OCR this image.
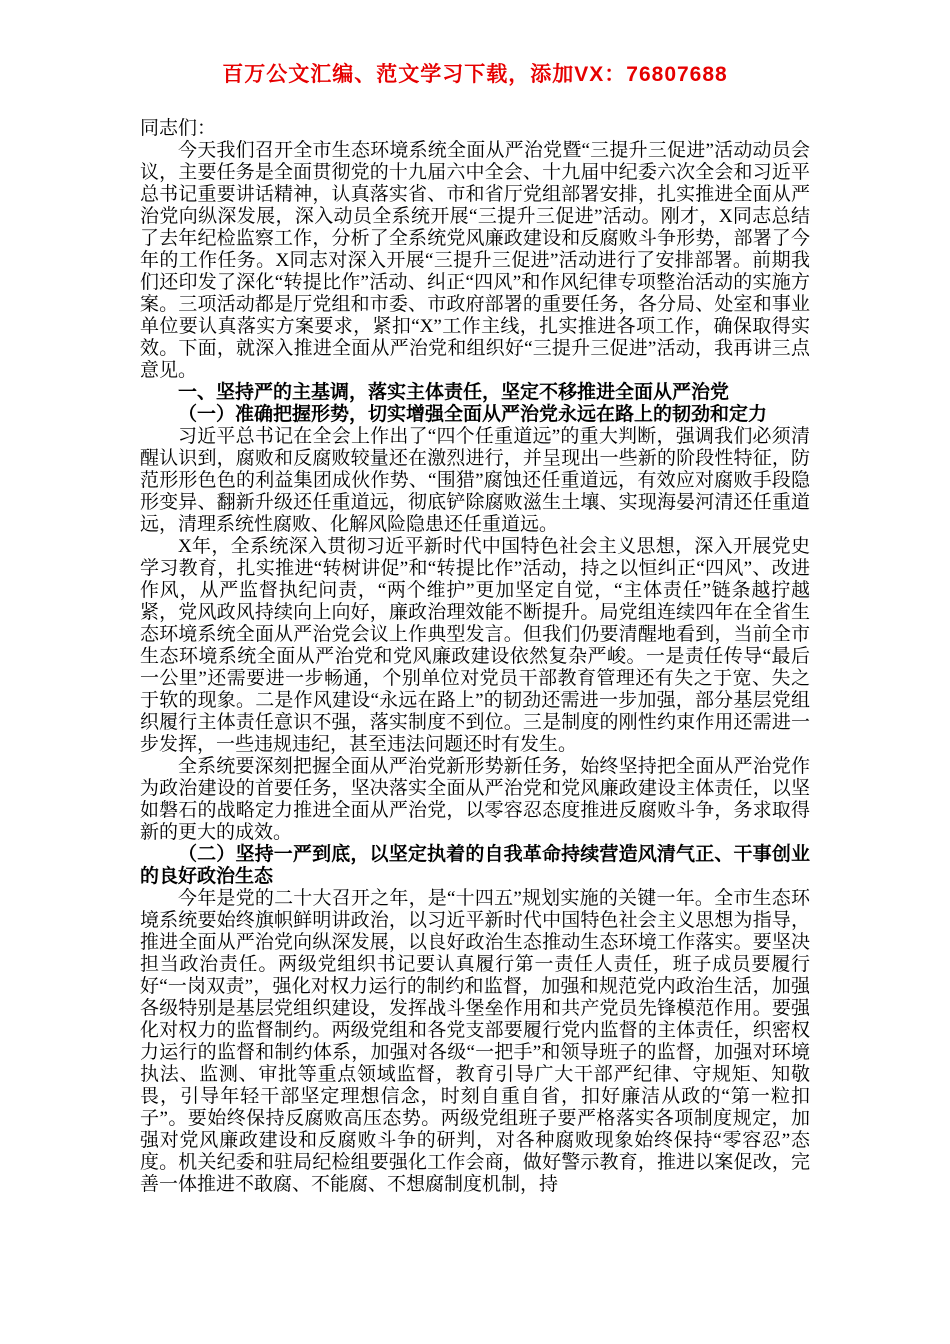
百万公文汇编、范文学习下载，添加VX：76807688

同志们：

今天我们召开全市生态环境系统全面从严治党暨“三提升三促进”活动动员会议，主要任务是全面贯彻党的十九届六中全会、十九届中纪委六次全会和习近平总书记重要讲话精神，认真落实省、市和省厅党组部署安排，扎实推进全面从严治党向纵深发展，深入动员全系统开展“三提升三促进”活动。刚才，X同志总结了去年纪检监察工作，分析了全系统党风廉政建设和反腐败斗争形势，部署了今年的工作任务。X同志对深入开展“三提升三促进”活动进行了安排部署。前期我们还印发了深化“转提比作”活动、纠正“四风”和作风纪律专项整治活动的实施方案。三项活动都是厅党组和市委、市政府部署的重要任务，各分局、处室和事业单位要认真落实方案要求，紧扣“X”工作主线，扎实推进各项工作，确保取得实效。下面，就深入推进全面从严治党和组织好“三提升三促进”活动，我再讲三点意见。

一、坚持严的主基调，落实主体责任，坚定不移推进全面从严治党

（一）准确把握形势，切实增强全面从严治党永远在路上的韧劲和定力

习近平总书记在全会上作出了“四个任重道远”的重大判断，强调我们必须清醒认识到，腐败和反腐败较量还在激烈进行，并呈现出一些新的阶段性特征，防范形形色色的利益集团成伙作势、“围猎”腐蚀还任重道远，有效应对腐败手段隐形变异、翻新升级还任重道远，彻底铲除腐败滋生土壤、实现海晏河清还任重道远，清理系统性腐败、化解风险隐患还任重道远。

X年，全系统深入贯彻习近平新时代中国特色社会主义思想，深入开展党史学习教育，扎实推进“转树讲促”和“转提比作”活动，持之以恒纠正“四风”、改进作风，从严监督执纪问责，“两个维护”更加坚定自觉，“主体责任”链条越拧越紧，党风政风持续向上向好，廉政治理效能不断提升。局党组连续四年在全省生态环境系统全面从严治党会议上作典型发言。但我们仍要清醒地看到，当前全市生态环境系统全面从严治党和党风廉政建设依然复杂严峻。一是责任传导“最后一公里”还需要进一步畅通，个别单位对党员干部教育管理还有失之于宽、失之于软的现象。二是作风建设“永远在路上”的韧劲还需进一步加强，部分基层党组织履行主体责任意识不强，落实制度不到位。三是制度的刚性约束作用还需进一步发挥，一些违规违纪，甚至违法问题还时有发生。

全系统要深刻把握全面从严治党新形势新任务，始终坚持把全面从严治党作为政治建设的首要任务，坚决落实全面从严治党和党风廉政建设主体责任，以坚如磐石的战略定力推进全面从严治党，以零容忍态度推进反腐败斗争，务求取得新的更大的成效。

（二）坚持一严到底，以坚定执着的自我革命持续营造风清气正、干事创业的良好政治生态

今年是党的二十大召开之年，是“十四五”规划实施的关键一年。全市生态环境系统要始终旗帜鲜明讲政治，以习近平新时代中国特色社会主义思想为指导，推进全面从严治党向纵深发展，以良好政治生态推动生态环境工作落实。要坚决担当政治责任。两级党组织书记要认真履行第一责任人责任，班子成员要履行好“一岗双责”，强化对权力运行的制约和监督，加强和规范党内政治生活，加强各级特别是基层党组织建设，发挥战斗堡垒作用和共产党员先锋模范作用。要强化对权力的监督制约。两级党组和各党支部要履行党内监督的主体责任，织密权力运行的监督和制约体系，加强对各级“一把手”和领导班子的监督，加强对环境执法、监测、审批等重点领域监督，教育引导广大干部严纪律、守规矩、知敬畏，引导年轻干部坚定理想信念，时刻自重自省，扣好廉洁从政的“第一粒扣子”。要始终保持反腐败高压态势。两级党组班子要严格落实各项制度规定，加强对党风廉政建设和反腐败斗争的研判，对各种腐败现象始终保持“零容忍”态度。机关纪委和驻局纪检组要强化工作会商，做好警示教育，推进以案促改，完善一体推进不敢腐、不能腐、不想腐制度机制，持
